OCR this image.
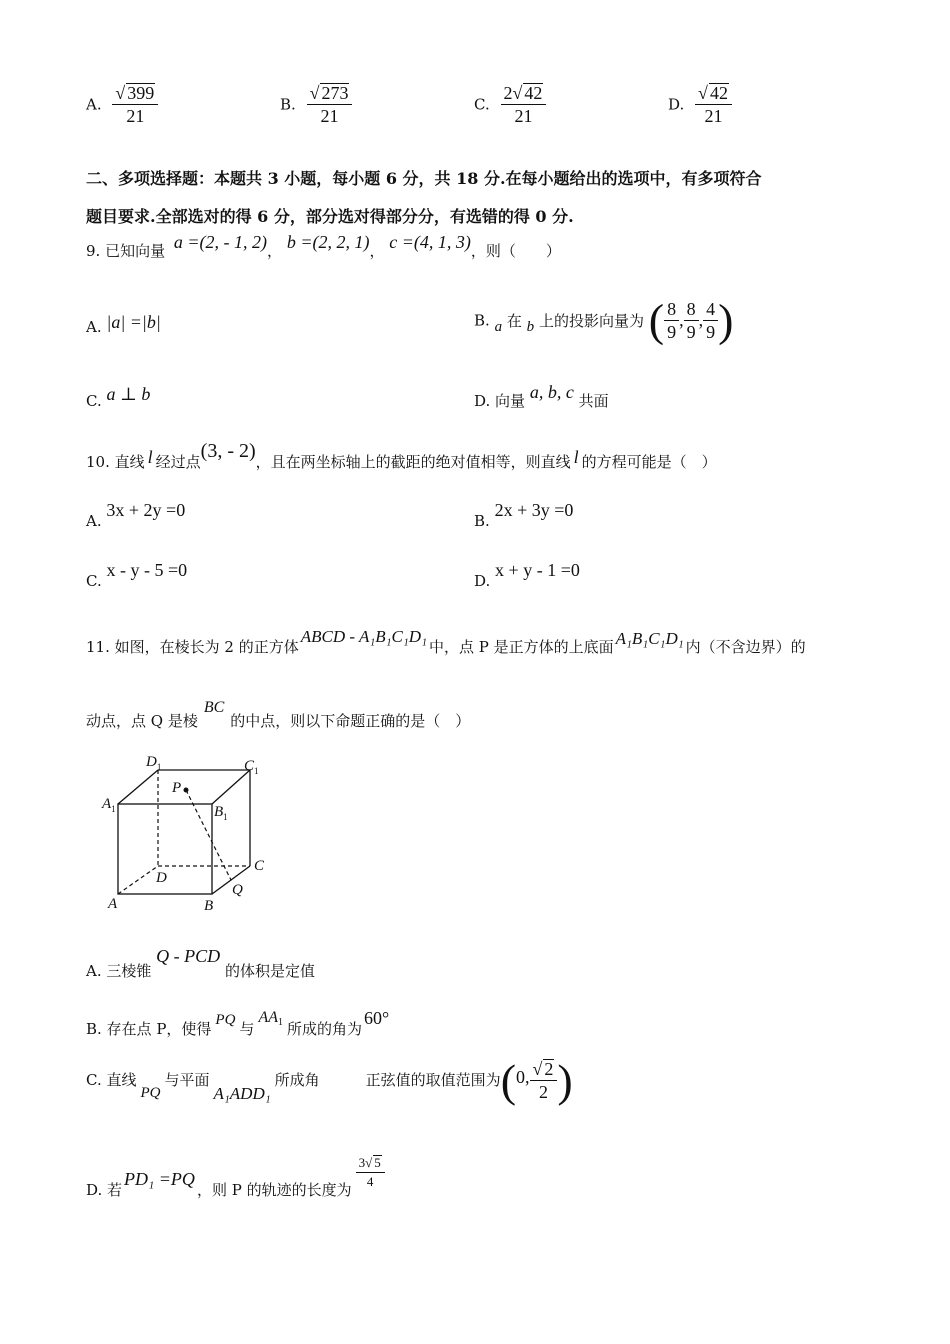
A. $\frac{√ 399}{21}$	B. $\frac{√ 273}{21}$	C. $\frac{2√ 42}{21}$	D. $\frac{√ 42}{21}$
二、多项选择题：本题共 3 小题，每小题 6 分，共 18 分.在每小题给出的选项中，有多项符合
题目要求.全部选对的得 6 分，部分选对得部分分，有选错的得 0 分.
9. 已知向量 a =(2, - 1, 2)， b =(2, 2, 1)， c =(4, 1, 3)，则（　　）
A. |a| =|b|	B. a 在 b 上的投影向量为 ( $\frac{8}{9}$ , $\frac{8}{9}$ , $\frac{4}{9}$ )
C. a ⊥ b	D. 向量 a, b, c 共面
10. 直线 l 经过点(3, - 2)，且在两坐标轴上的截距的绝对值相等，则直线 l 的方程可能是（　）
A. 3x + 2y =0
B. 2x + 3y =0
C. x - y - 5 =0
D. x + y - 1 =0
11. 如图，在棱长为 2 的正方体ABCD - A₁B₁C₁D₁中，点 P 是正方体的上底面 A₁B₁C₁D₁ 内（不含边界）的
动点，点 Q 是棱BC的中点，则以下命题正确的是（　）
$D_1$	$C_1$
$A_1$	$B_1$
P
D
C
Q
A	B
A. 三棱锥 Q - PCD 的体积是定值
B. 存在点 P，使得 PQ 与$AA_1$ 所成的角为60°
C. 直线PQ与平面A₁ADD₁所成角	正弦值的取值范围为(0, $\frac{√ 2}{2}$ )
D. 若PD₁ =PQ，则 P 的轨迹的长度为 $\frac{3√ 5}{4}$
